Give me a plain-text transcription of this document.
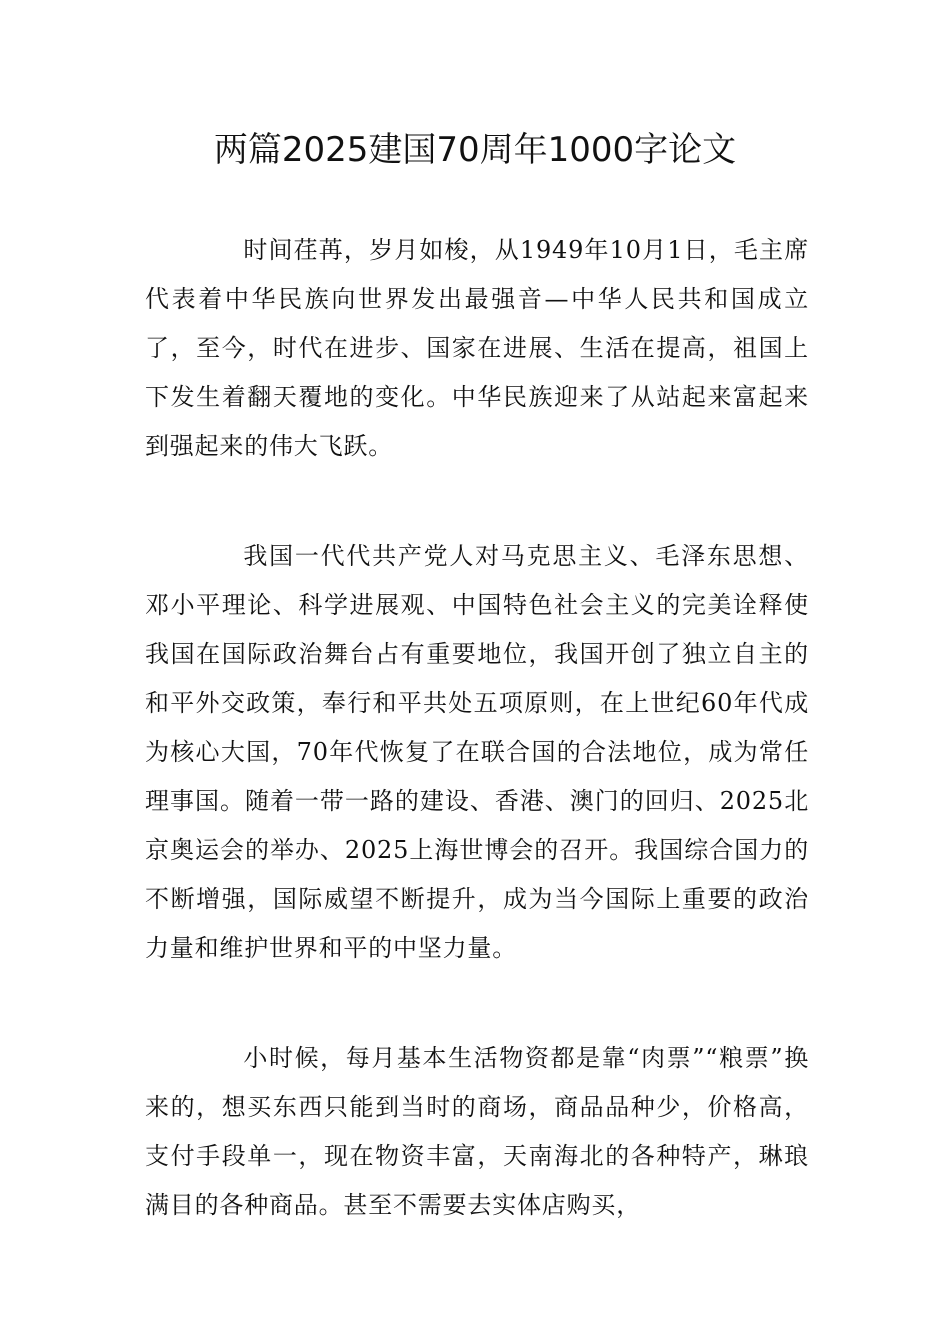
两篇2025建国70周年1000字论文

时间荏苒，岁月如梭，从1949年10月1日，毛主席代表着中华民族向世界发出最强音—中华人民共和国成立了，至今，时代在进步、国家在进展、生活在提高，祖国上下发生着翻天覆地的变化。中华民族迎来了从站起来富起来到强起来的伟大飞跃。

我国一代代共产党人对马克思主义、毛泽东思想、邓小平理论、科学进展观、中国特色社会主义的完美诠释使我国在国际政治舞台占有重要地位，我国开创了独立自主的和平外交政策，奉行和平共处五项原则，在上世纪60年代成为核心大国，70年代恢复了在联合国的合法地位，成为常任理事国。随着一带一路的建设、香港、澳门的回归、2025北京奥运会的举办、2025上海世博会的召开。我国综合国力的不断增强，国际威望不断提升，成为当今国际上重要的政治力量和维护世界和平的中坚力量。

小时候，每月基本生活物资都是靠“肉票”“粮票”换来的，想买东西只能到当时的商场，商品品种少，价格高，支付手段单一，现在物资丰富，天南海北的各种特产，琳琅满目的各种商品。甚至不需要去实体店购买，
